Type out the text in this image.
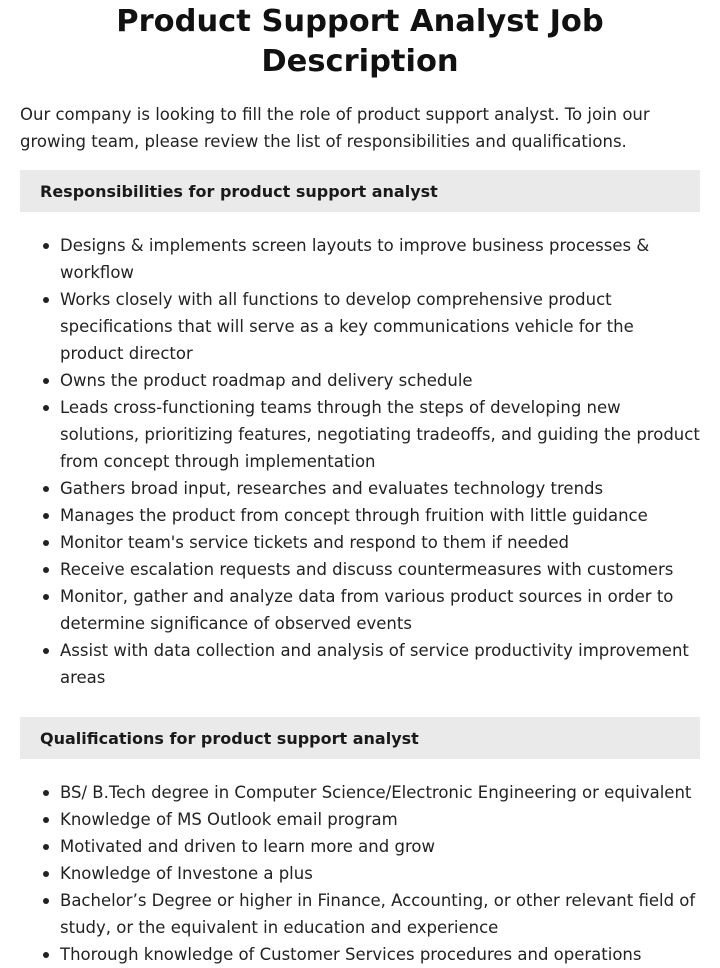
Product Support Analyst Job Description

Our company is looking to fill the role of product support analyst. To join our growing team, please review the list of responsibilities and qualifications.

Responsibilities for product support analyst
Designs & implements screen layouts to improve business processes & workflow
Works closely with all functions to develop comprehensive product specifications that will serve as a key communications vehicle for the product director
Owns the product roadmap and delivery schedule
Leads cross-functioning teams through the steps of developing new solutions, prioritizing features, negotiating tradeoffs, and guiding the product from concept through implementation
Gathers broad input, researches and evaluates technology trends
Manages the product from concept through fruition with little guidance
Monitor team's service tickets and respond to them if needed
Receive escalation requests and discuss countermeasures with customers
Monitor, gather and analyze data from various product sources in order to determine significance of observed events
Assist with data collection and analysis of service productivity improvement areas
Qualifications for product support analyst
BS/ B.Tech degree in Computer Science/Electronic Engineering or equivalent
Knowledge of MS Outlook email program
Motivated and driven to learn more and grow
Knowledge of Investone a plus
Bachelor’s Degree or higher in Finance, Accounting, or other relevant field of study, or the equivalent in education and experience
Thorough knowledge of Customer Services procedures and operations
